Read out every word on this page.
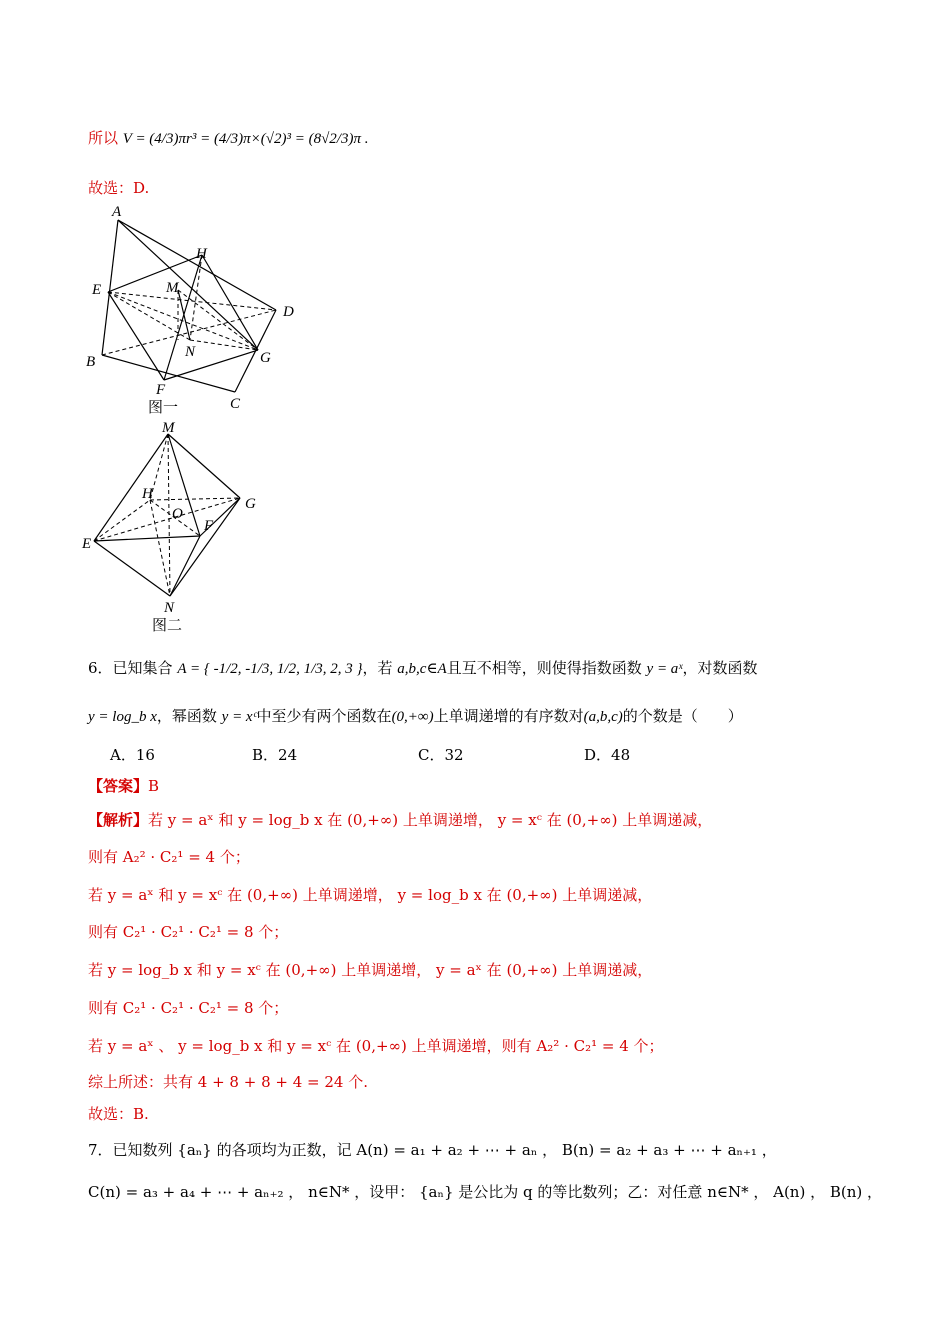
所以 V = (4/3)πr³ = (4/3)π×(√2)³ = (8√2/3)π .
故选：D.
A
H
E	M
D
N	G
B
F
C
图一
M
H
G
O
F
E
N
图二
6．已知集合 A = { -1/2, -1/3, 1/2, 1/3, 2, 3 }，若 a,b,c∈A且互不相等，则使得指数函数 y = aˣ，对数函数
y = log_b x，幂函数 y = xᶜ中至少有两个函数在(0,+∞)上单调递增的有序数对(a,b,c)的个数是（　　）
A．16	B．24	C．32	D．48
【答案】B
【解析】若 y = aˣ 和 y = log_b x 在 (0,+∞) 上单调递增， y = xᶜ 在 (0,+∞) 上单调递减，
则有 A₂² · C₂¹ = 4 个；
若 y = aˣ 和 y = xᶜ 在 (0,+∞) 上单调递增， y = log_b x 在 (0,+∞) 上单调递减，
则有 C₂¹ · C₂¹ · C₂¹ = 8 个；
若 y = log_b x 和 y = xᶜ 在 (0,+∞) 上单调递增， y = aˣ 在 (0,+∞) 上单调递减，
则有 C₂¹ · C₂¹ · C₂¹ = 8 个；
若 y = aˣ 、 y = log_b x 和 y = xᶜ 在 (0,+∞) 上单调递增，则有 A₂² · C₂¹ = 4 个；
综上所述：共有 4 + 8 + 8 + 4 = 24 个.
故选：B.
7．已知数列 {aₙ} 的各项均为正数，记 A(n) = a₁ + a₂ + ⋯ + aₙ ， B(n) = a₂ + a₃ + ⋯ + aₙ₊₁ ，
C(n) = a₃ + a₄ + ⋯ + aₙ₊₂ ， n∈N* ，设甲： {aₙ} 是公比为 q 的等比数列；乙：对任意 n∈N* ， A(n) ， B(n) ，
